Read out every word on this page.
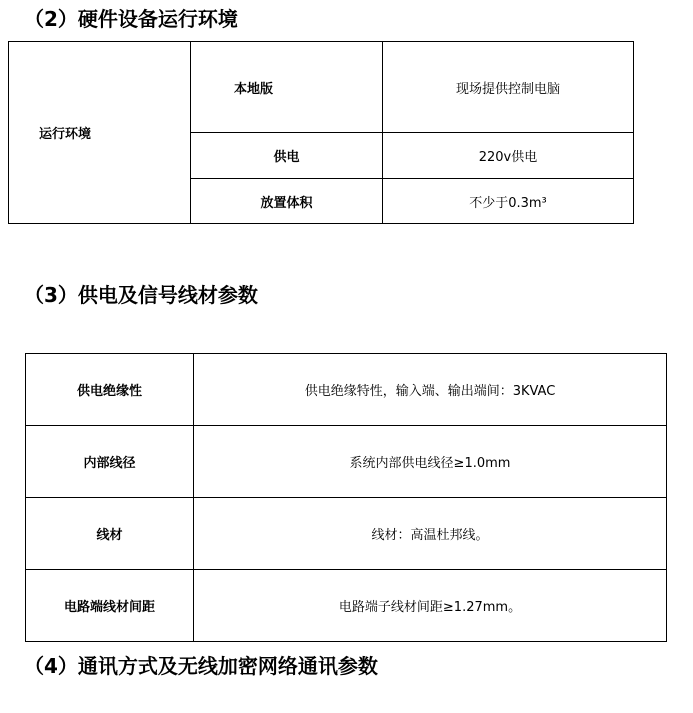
（2）硬件设备运行环境
运行环境	本地版	现场提供控制电脑
	供电	220v供电
	放置体积	不少于0.3m³
（3）供电及信号线材参数
供电绝缘性	供电绝缘特性，输入端、输出端间：3KVAC
内部线径	系统内部供电线径≥1.0mm
线材	线材：高温杜邦线。
电路端线材间距	电路端子线材间距≥1.27mm。
（4）通讯方式及无线加密网络通讯参数
